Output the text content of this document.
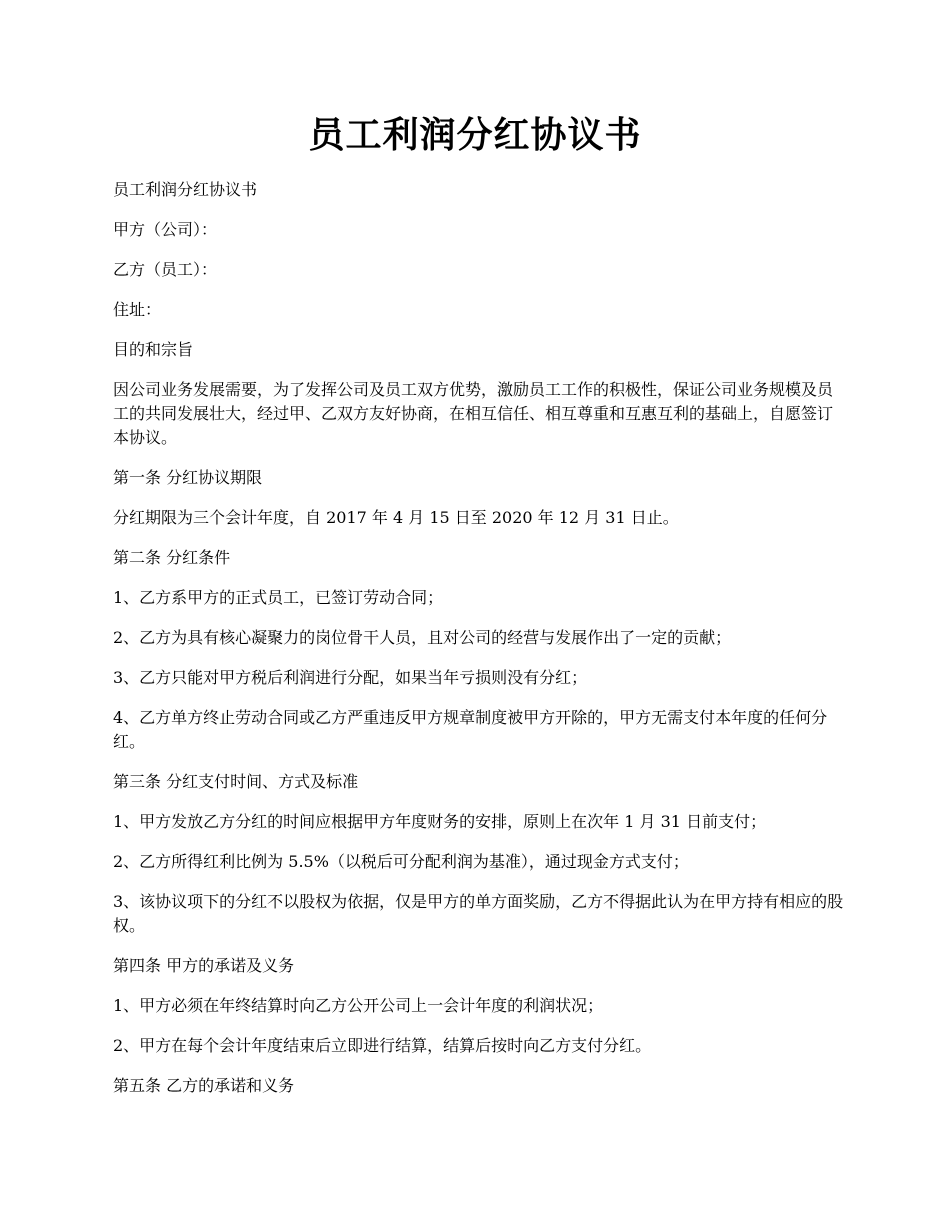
员工利润分红协议书

员工利润分红协议书

甲方（公司）：

乙方（员工）：

住址：

目的和宗旨

因公司业务发展需要，为了发挥公司及员工双方优势，激励员工工作的积极性，保证公司业务规模及员工的共同发展壮大，经过甲、乙双方友好协商，在相互信任、相互尊重和互惠互利的基础上，自愿签订本协议。

第一条 分红协议期限

分红期限为三个会计年度，自 2017 年 4 月 15 日至 2020 年 12 月 31 日止。

第二条 分红条件

1、乙方系甲方的正式员工，已签订劳动合同；

2、乙方为具有核心凝聚力的岗位骨干人员，且对公司的经营与发展作出了一定的贡献；

3、乙方只能对甲方税后利润进行分配，如果当年亏损则没有分红；

4、乙方单方终止劳动合同或乙方严重违反甲方规章制度被甲方开除的，甲方无需支付本年度的任何分红。

第三条 分红支付时间、方式及标准

1、甲方发放乙方分红的时间应根据甲方年度财务的安排，原则上在次年 1 月 31 日前支付；

2、乙方所得红利比例为 5.5%（以税后可分配利润为基准），通过现金方式支付；

3、该协议项下的分红不以股权为依据，仅是甲方的单方面奖励，乙方不得据此认为在甲方持有相应的股权。

第四条 甲方的承诺及义务

1、甲方必须在年终结算时向乙方公开公司上一会计年度的利润状况；

2、甲方在每个会计年度结束后立即进行结算，结算后按时向乙方支付分红。

第五条 乙方的承诺和义务
